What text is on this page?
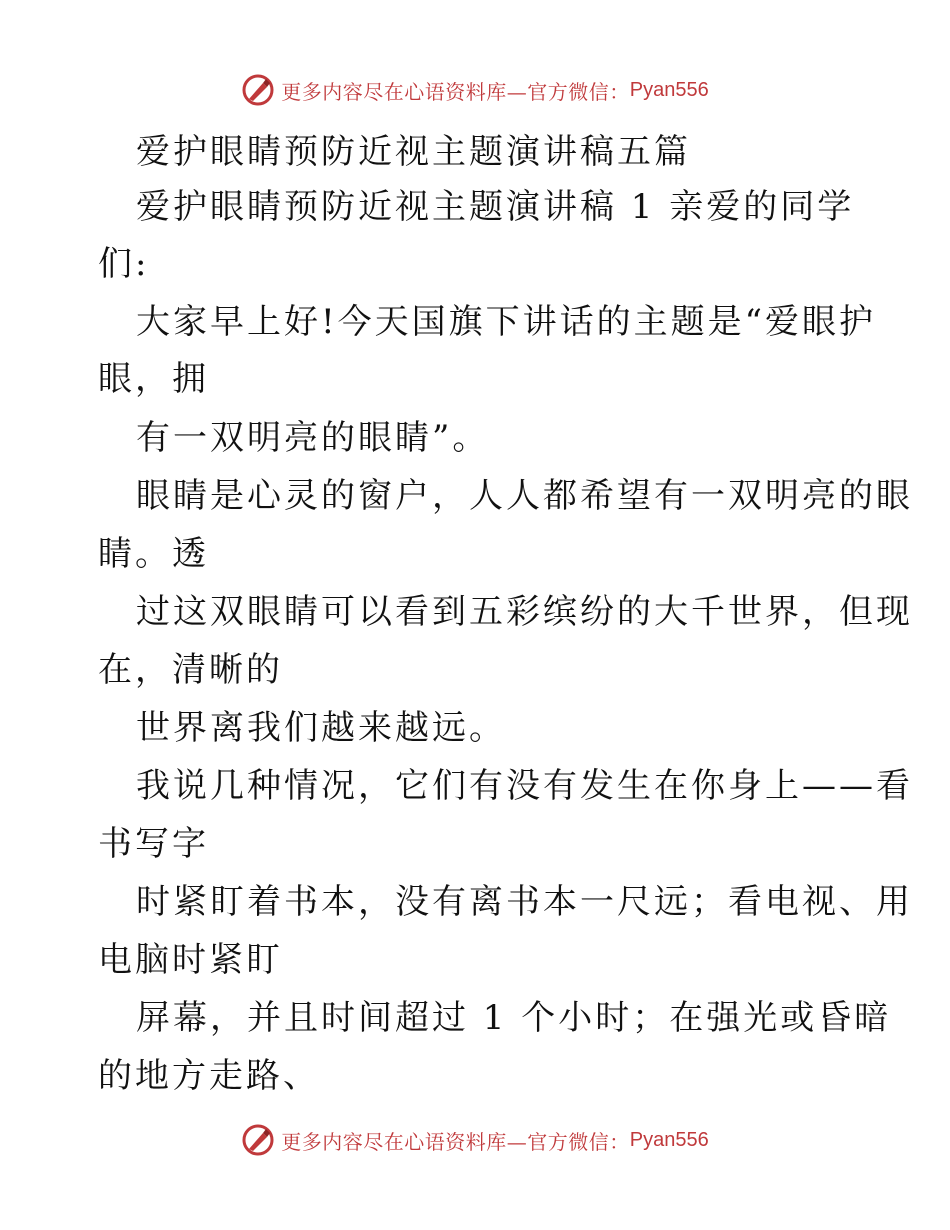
更多内容尽在心语资料库—官方微信： Pyan556
爱护眼睛预防近视主题演讲稿五篇
爱护眼睛预防近视主题演讲稿 1 亲爱的同学
们:
大家早上好!今天国旗下讲话的主题是“爱眼护
眼，拥
有一双明亮的眼睛”。
眼睛是心灵的窗户，人人都希望有一双明亮的眼
睛。透
过这双眼睛可以看到五彩缤纷的大千世界，但现
在，清晰的
世界离我们越来越远。
我说几种情况，它们有没有发生在你身上——看
书写字
时紧盯着书本，没有离书本一尺远；看电视、用
电脑时紧盯
屏幕，并且时间超过 1 个小时；在强光或昏暗
的地方走路、
更多内容尽在心语资料库—官方微信： Pyan556
